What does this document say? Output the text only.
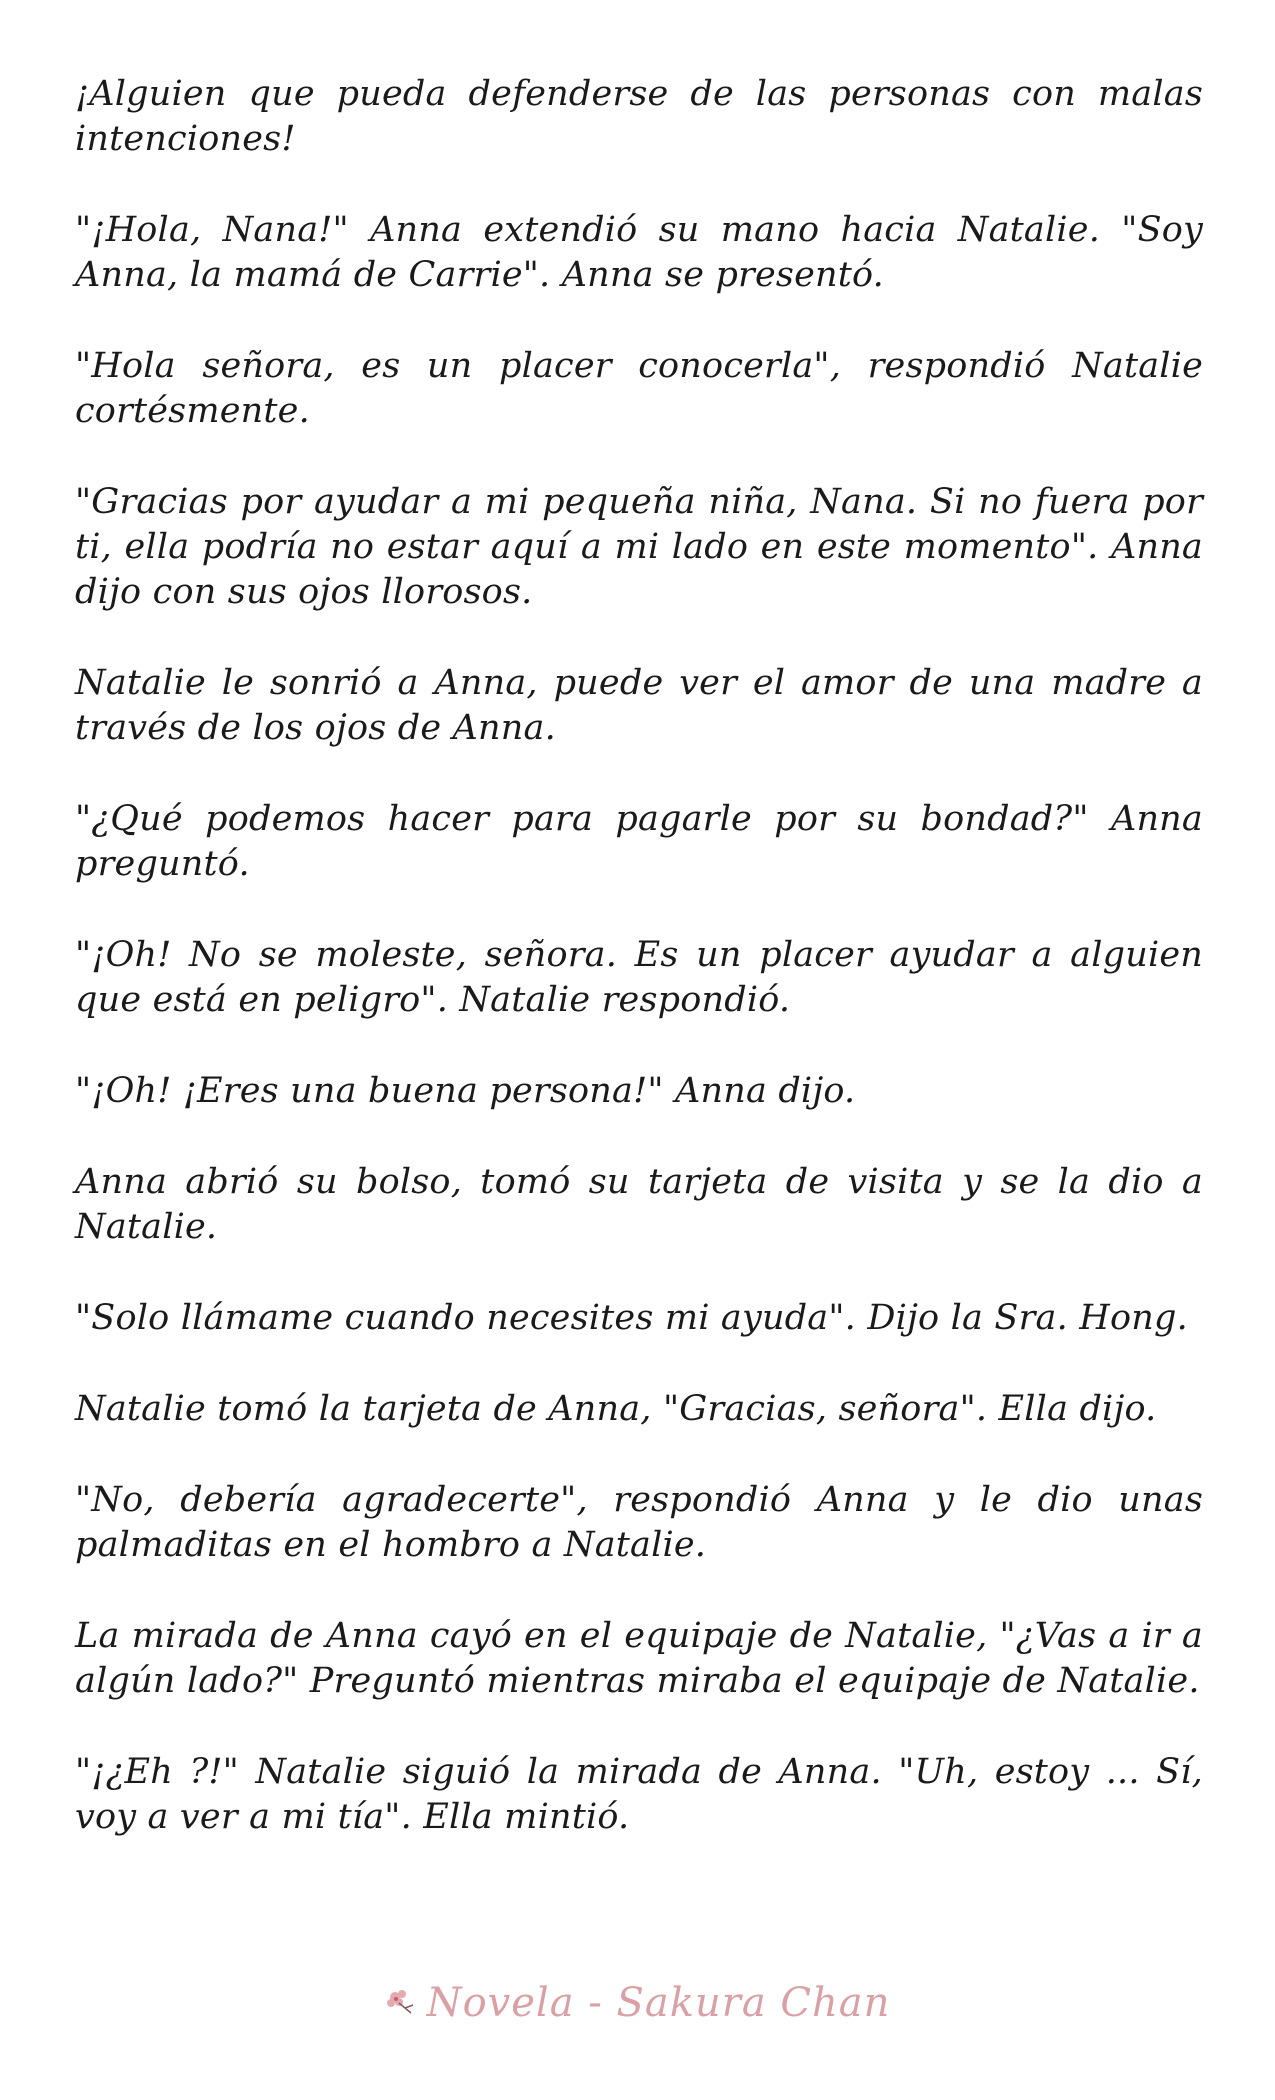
¡Alguien que pueda defenderse de las personas con malas intenciones!

"¡Hola, Nana!" Anna extendió su mano hacia Natalie. "Soy Anna, la mamá de Carrie". Anna se presentó.

"Hola señora, es un placer conocerla", respondió Natalie cortésmente.

"Gracias por ayudar a mi pequeña niña, Nana. Si no fuera por ti, ella podría no estar aquí a mi lado en este momento". Anna dijo con sus ojos llorosos.

Natalie le sonrió a Anna, puede ver el amor de una madre a través de los ojos de Anna.

"¿Qué podemos hacer para pagarle por su bondad?" Anna preguntó.

"¡Oh! No se moleste, señora. Es un placer ayudar a alguien que está en peligro". Natalie respondió.

"¡Oh! ¡Eres una buena persona!" Anna dijo.

Anna abrió su bolso, tomó su tarjeta de visita y se la dio a Natalie.

"Solo llámame cuando necesites mi ayuda". Dijo la Sra. Hong.

Natalie tomó la tarjeta de Anna, "Gracias, señora". Ella dijo.

"No, debería agradecerte", respondió Anna y le dio unas palmaditas en el hombro a Natalie.

La mirada de Anna cayó en el equipaje de Natalie, "¿Vas a ir a algún lado?" Preguntó mientras miraba el equipaje de Natalie.

"¡¿Eh ?!" Natalie siguió la mirada de Anna. "Uh, estoy ... Sí, voy a ver a mi tía". Ella mintió.

Novela - Sakura Chan
